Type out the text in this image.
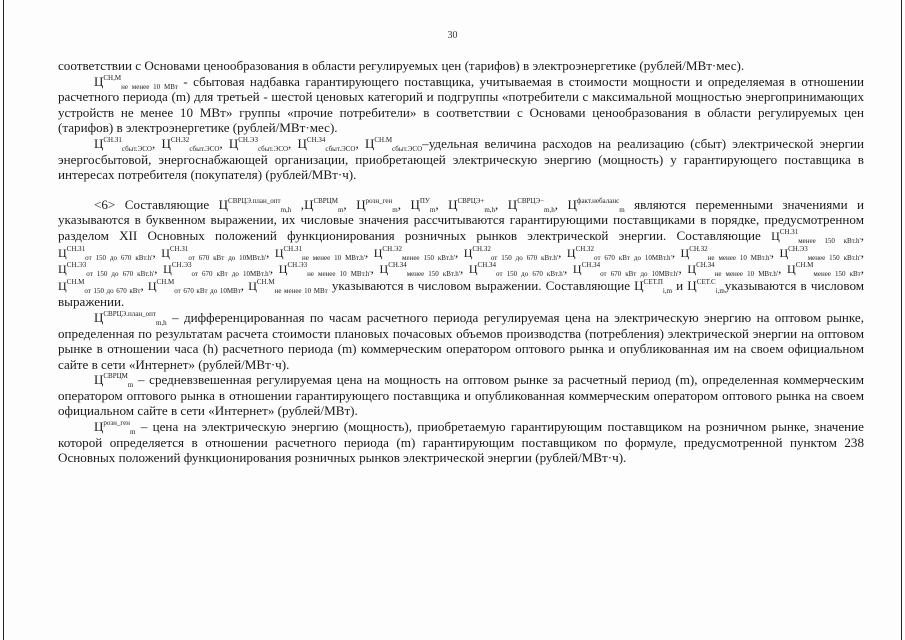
30

соответствии с Основами ценообразования в области регулируемых цен (тарифов) в электроэнергетике (рублей/МВт·мес).

$Ц^{СН,М}_{не менее 10 МВт}$ - сбытовая надбавка гарантирующего поставщика, учитываемая в стоимости мощности и определяемая в отношении расчетного периода (m) для третьей - шестой ценовых категорий и подгруппы «потребители с максимальной мощностью энергопринимающих устройств не менее 10 МВт» группы «прочие потребители» в соответствии с Основами ценообразования в области регулируемых цен (тарифов) в электроэнергетике (рублей/МВт·мес).

$Ц^{СН.З1}_{сбыт.ЭСО}$, $Ц^{СН.З2}_{сбыт.ЭСО}$, $Ц^{СН.ЭЗ}_{сбыт.ЭСО}$, $Ц^{СН.З4}_{сбыт.ЭСО}$, $Ц^{СН.М}_{сбыт.ЭСО}$–удельная величина расходов на реализацию (сбыт) электрической энергии энергосбытовой, энергоснабжающей организации, приобретающей электрическую энергию (мощность) у гарантирующего поставщика в интересах потребителя (покупателя) (рублей/МВт·ч).

<6> Составляющие $Ц^{СВРЦЭ.план\_опт}_{m,h}$ $,Ц^{СВРЦМ}_m$, $Ц^{розн\_ген}_m$, $Ц^{ПУ}_m$, $Ц^{СВРЦЭ+}_{m,h}$, $Ц^{СВРЦЭ-}_{m,h}$, $Ц^{факт.небаланс}_m$ являются переменными значениями и указываются в буквенном выражении, их числовые значения рассчитываются гарантирующими поставщиками в порядке, предусмотренном разделом XII Основных положений функционирования розничных рынков электрической энергии. Составляющие $Ц^{СН.З1}_{менее 150 кВт.h'}$, $Ц^{СН.З1}_{от 150 до 670 кВт.h'}$, $Ц^{СН.З1}_{от 670 кВт до 10МВт.h'}$, $Ц^{СН.З1}_{не менее 10 МВт.h'}$, $Ц^{СН.Э2}_{менее 150 кВт.h'}$, $Ц^{СН.З2}_{от 150 до 670 кВт.h'}$, $Ц^{СН.З2}_{от 670 кВт до 10МВт.h'}$, $Ц^{СН.З2}_{не менее 10 МВт.h'}$, $Ц^{СН.Э3}_{менее 150 кВт.h'}$, $Ц^{СН.Э3}_{от 150 до 670 кВт.h'}$, $Ц^{СН.Э3}_{от 670 кВт до 10МВт.h'}$, $Ц^{СН.Э3}_{не менее 10 МВт.h'}$, $Ц^{СН.З4}_{менее 150 кВт.h'}$, $Ц^{СН.З4}_{от 150 до 670 кВт.h'}$, $Ц^{СН.З4}_{от 670 кВт до 10МВт.h'}$, $Ц^{СН.З4}_{не менее 10 МВт.h'}$, $Ц^{СН.М}_{менее 150 кВт}$, $Ц^{СН.М}_{от 150 до 670 кВт}$, $Ц^{СН.М}_{от 670 кВт до 10МВт}$, $Ц^{СН.М}_{не менее 10 МВт}$ указываются в числовом выражении. Составляющие $Ц^{СЕТ.П}_{i,m}$ и $Ц^{СЕТ.С}_{i,m}указываются$ в числовом выражении.

$Ц^{СВРЦЭ.план\_опт}_{m,h}$ – дифференцированная по часам расчетного периода регулируемая цена на электрическую энергию на оптовом рынке, определенная по результатам расчета стоимости плановых почасовых объемов производства (потребления) электрической энергии на оптовом рынке в отношении часа (h) расчетного периода (m) коммерческим оператором оптового рынка и опубликованная им на своем официальном сайте в сети «Интернет» (рублей/МВт·ч).

$Ц^{СВРЦМ}_m$ – средневзвешенная регулируемая цена на мощность на оптовом рынке за расчетный период (m), определенная коммерческим оператором оптового рынка в отношении гарантирующего поставщика и опубликованная коммерческим оператором оптового рынка на своем официальном сайте в сети «Интернет» (рублей/МВт).

$Ц^{розн\_ген}_m$ – цена на электрическую энергию (мощность), приобретаемую гарантирующим поставщиком на розничном рынке, значение которой определяется в отношении расчетного периода (m) гарантирующим поставщиком по формуле, предусмотренной пунктом 238 Основных положений функционирования розничных рынков электрической энергии (рублей/МВт·ч).
